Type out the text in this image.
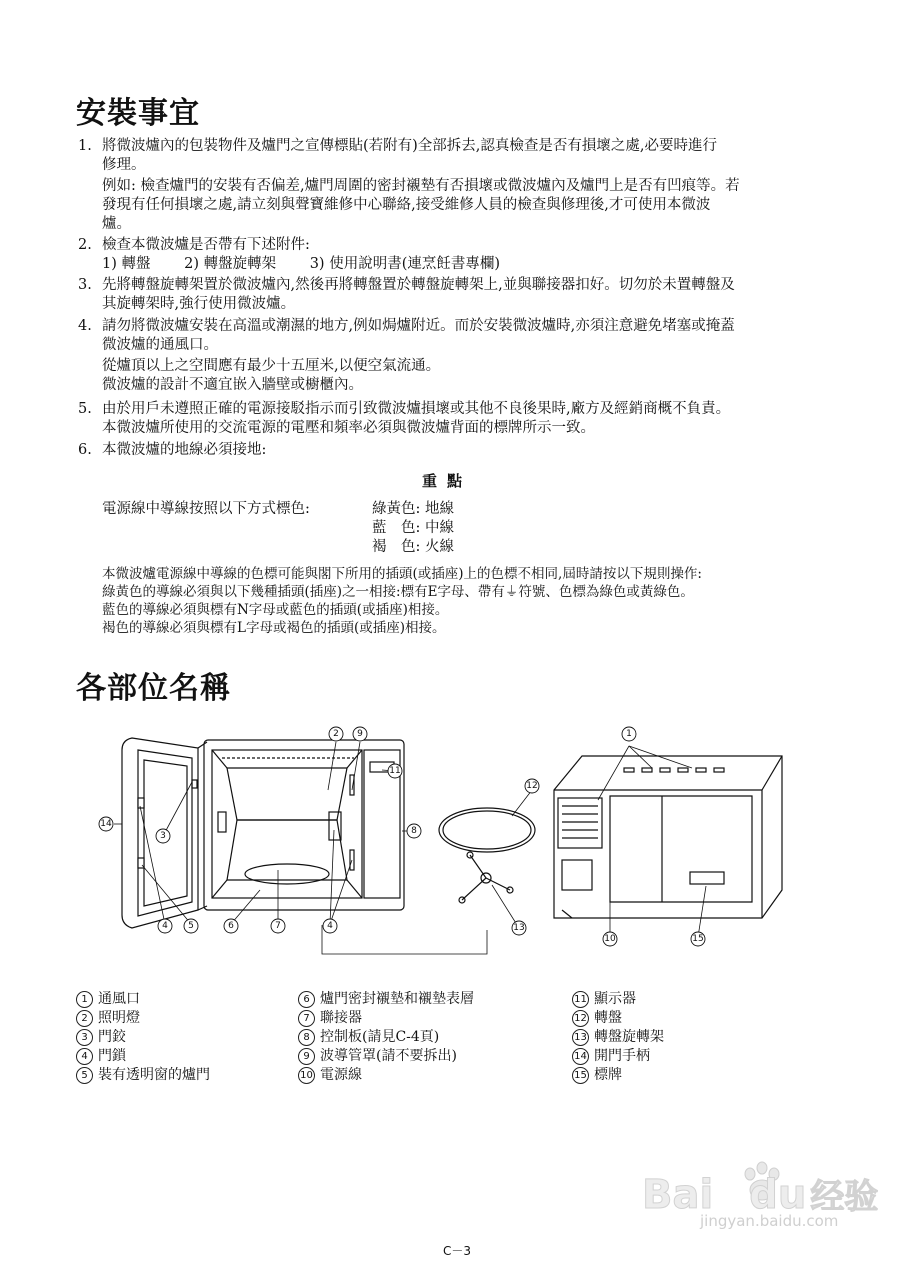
安裝事宜
1. 將微波爐內的包裝物件及爐門之宣傳標貼(若附有)全部拆去,認真檢查是否有損壞之處,必要時進行
修理。
例如: 檢查爐門的安裝有否偏差,爐門周圍的密封襯墊有否損壞或微波爐內及爐門上是否有凹痕等。若
發現有任何損壞之處,請立刻與聲寶維修中心聯絡,接受維修人員的檢查與修理後,才可使用本微波
爐。
2. 檢查本微波爐是否帶有下述附件:
1) 轉盤　　 2) 轉盤旋轉架　　 3) 使用說明書(連烹飪書專欄)
3. 先將轉盤旋轉架置於微波爐內,然後再將轉盤置於轉盤旋轉架上,並與聯接器扣好。切勿於未置轉盤及
其旋轉架時,強行使用微波爐。
4. 請勿將微波爐安裝在高溫或潮濕的地方,例如焗爐附近。而於安裝微波爐時,亦須注意避免堵塞或掩蓋
微波爐的通風口。
從爐頂以上之空間應有最少十五厘米,以便空氣流通。
微波爐的設計不適宜嵌入牆壁或櫥櫃內。
5. 由於用戶未遵照正確的電源接駁指示而引致微波爐損壞或其他不良後果時,廠方及經銷商概不負責。
本微波爐所使用的交流電源的電壓和頻率必須與微波爐背面的標牌所示一致。
6. 本微波爐的地線必須接地:
重點
電源線中導線按照以下方式標色:	綠黃色: 地線
藍　色: 中線
褐　色: 火線
本微波爐電源線中導線的色標可能與閣下所用的插頭(或插座)上的色標不相同,屆時請按以下規則操作:
綠黃色的導線必須與以下幾種插頭(插座)之一相接:標有E字母、帶有⏚符號、色標為綠色或黃綠色。
藍色的導線必須與標有N字母或藍色的插頭(或插座)相接。
褐色的導線必須與標有L字母或褐色的插頭(或插座)相接。
各部位名稱
2 9
11
8
14
3
4 5	6	7	4
12
13
1
10	15
1 通風口
2 照明燈
3 門鉸
4 門鎖
5 裝有透明窗的爐門
6 爐門密封襯墊和襯墊表層
7 聯接器
8 控制板(請見C-4頁)
9 波導管罩(請不要拆出)
10 電源線
11 顯示器
12 轉盤
13 轉盤旋轉架
14 開門手柄
15 標牌
Bai du 经验
jingyan.baidu.com
C－3
